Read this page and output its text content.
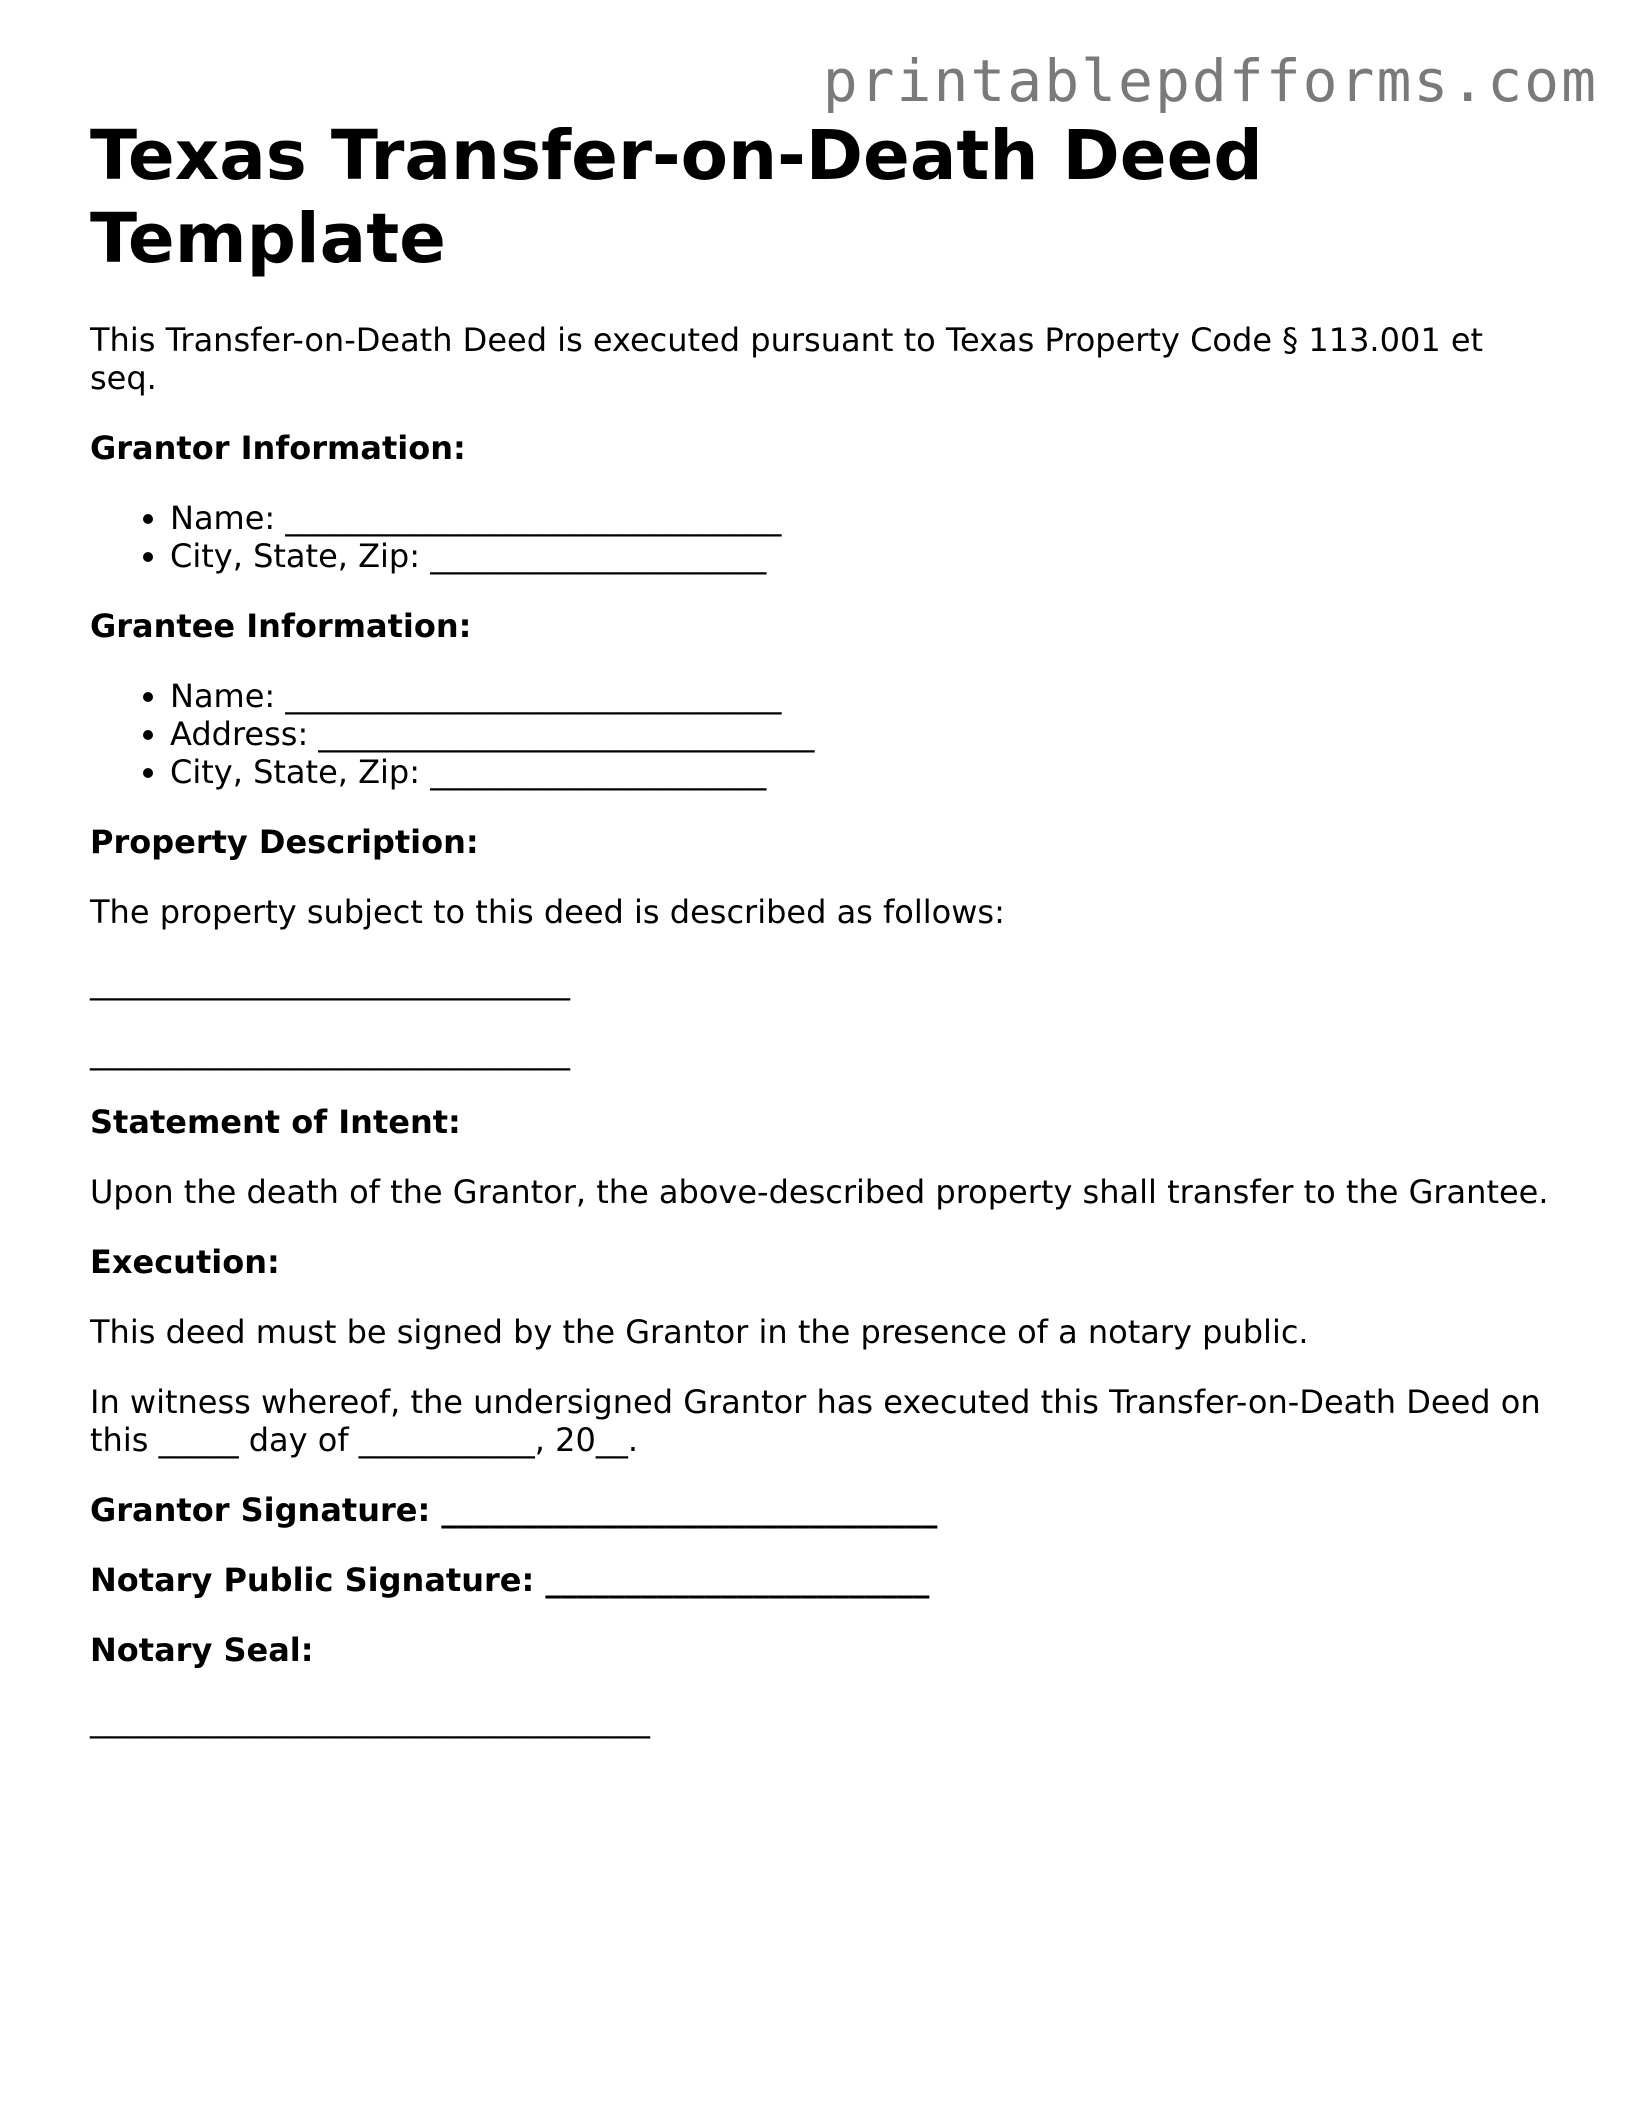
printablepdfforms.com
Texas Transfer-on-Death Deed Template

This Transfer-on-Death Deed is executed pursuant to Texas Property Code § 113.001 et seq.

Grantor Information:
• Name: _______________________________
• City, State, Zip: _____________________
Grantee Information:
• Name: _______________________________
• Address: _______________________________
• City, State, Zip: _____________________
Property Description:

The property subject to this deed is described as follows:

______________________________
______________________________
Statement of Intent:

Upon the death of the Grantor, the above-described property shall transfer to the Grantee.

Execution:

This deed must be signed by the Grantor in the presence of a notary public.

In witness whereof, the undersigned Grantor has executed this Transfer-on-Death Deed on this _____ day of ___________, 20__.

Grantor Signature: _______________________________
Notary Public Signature: ________________________
Notary Seal:
___________________________________
